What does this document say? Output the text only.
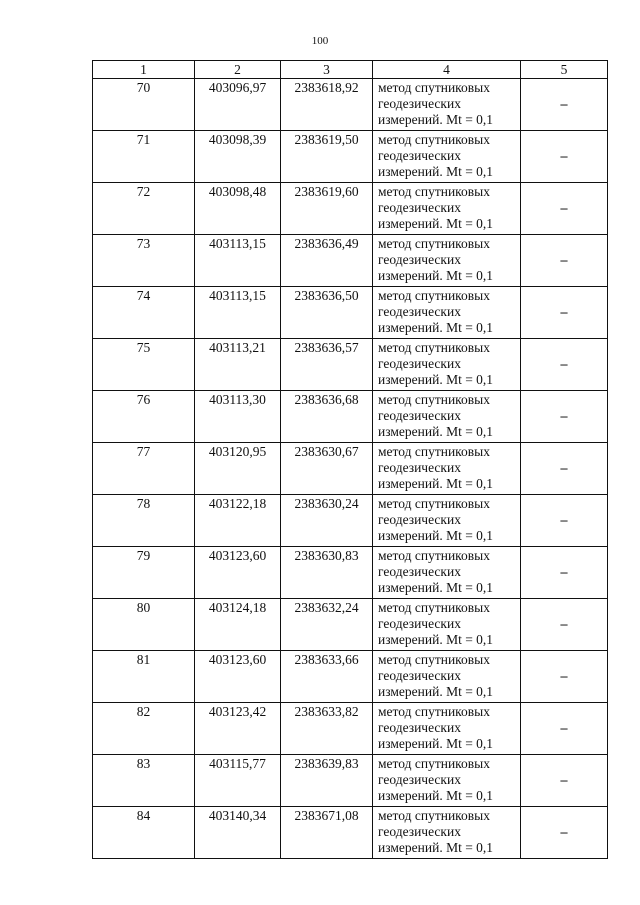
100
1	2	3	4	5
70	403096,97	2383618,92	метод спутниковых
геодезических
измерений. Mt = 0,1	–
71	403098,39	2383619,50	метод спутниковых
геодезических
измерений. Mt = 0,1	–
72	403098,48	2383619,60	метод спутниковых
геодезических
измерений. Mt = 0,1	–
73	403113,15	2383636,49	метод спутниковых
геодезических
измерений. Mt = 0,1	–
74	403113,15	2383636,50	метод спутниковых
геодезических
измерений. Mt = 0,1	–
75	403113,21	2383636,57	метод спутниковых
геодезических
измерений. Mt = 0,1	–
76	403113,30	2383636,68	метод спутниковых
геодезических
измерений. Mt = 0,1	–
77	403120,95	2383630,67	метод спутниковых
геодезических
измерений. Mt = 0,1	–
78	403122,18	2383630,24	метод спутниковых
геодезических
измерений. Mt = 0,1	–
79	403123,60	2383630,83	метод спутниковых
геодезических
измерений. Mt = 0,1	–
80	403124,18	2383632,24	метод спутниковых
геодезических
измерений. Mt = 0,1	–
81	403123,60	2383633,66	метод спутниковых
геодезических
измерений. Mt = 0,1	–
82	403123,42	2383633,82	метод спутниковых
геодезических
измерений. Mt = 0,1	–
83	403115,77	2383639,83	метод спутниковых
геодезических
измерений. Mt = 0,1	–
84	403140,34	2383671,08	метод спутниковых
геодезических
измерений. Mt = 0,1	–
